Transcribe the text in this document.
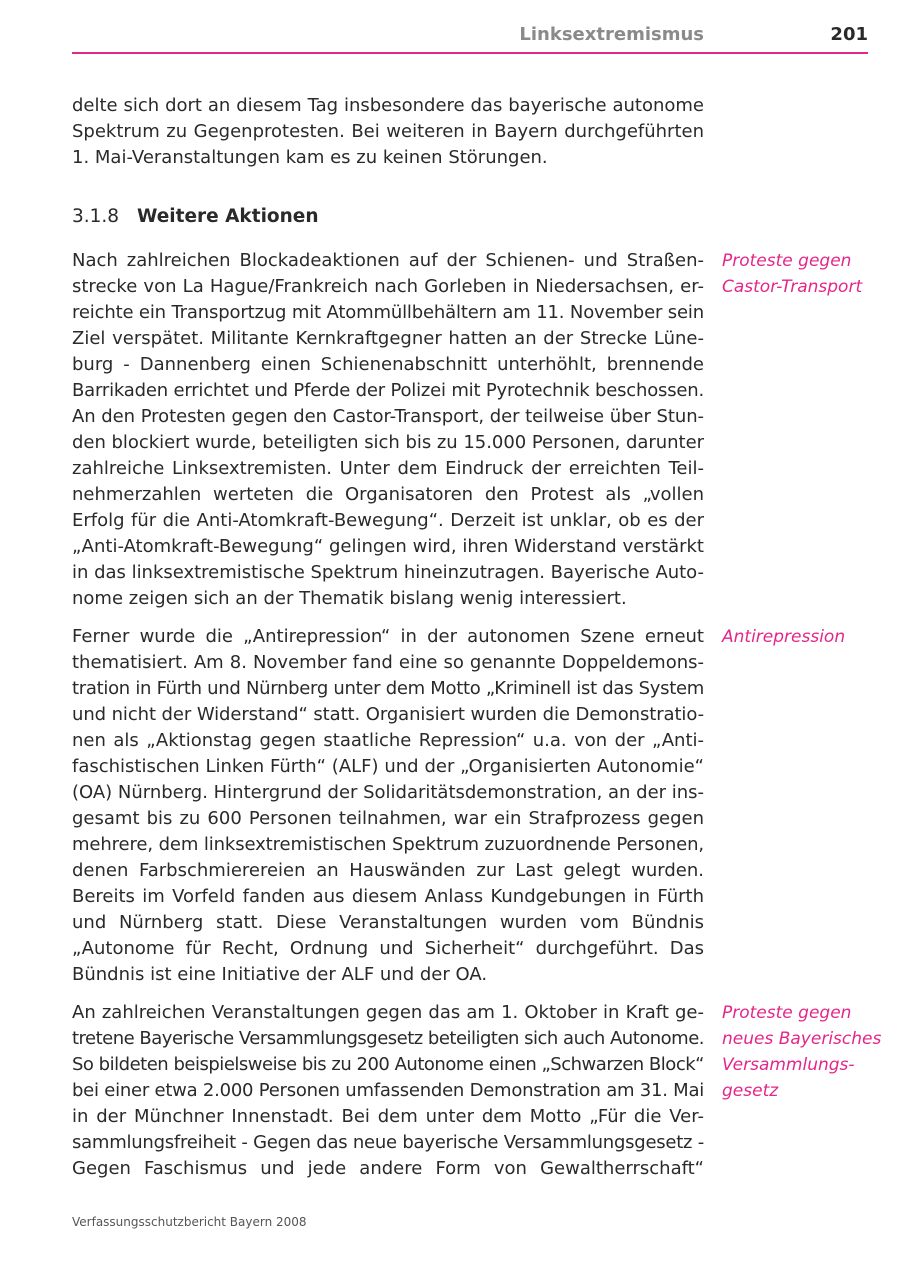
Linksextremismus	201
delte sich dort an diesem Tag insbesondere das bayerische autonome
Spektrum zu Gegenprotesten. Bei weiteren in Bayern durchgeführten
1. Mai-Veranstaltungen kam es zu keinen Störungen.
3.1.8 Weitere Aktionen
Nach zahlreichen Blockadeaktionen auf der Schienen- und Straßen-
strecke von La Hague/Frankreich nach Gorleben in Niedersachsen, er-
reichte ein Transportzug mit Atommüllbehältern am 11. November sein
Ziel verspätet. Militante Kernkraftgegner hatten an der Strecke Lüne-
burg - Dannenberg einen Schienenabschnitt unterhöhlt, brennende
Barrikaden errichtet und Pferde der Polizei mit Pyrotechnik beschossen.
An den Protesten gegen den Castor-Transport, der teilweise über Stun-
den blockiert wurde, beteiligten sich bis zu 15.000 Personen, darunter
zahlreiche Linksextremisten. Unter dem Eindruck der erreichten Teil-
nehmerzahlen werteten die Organisatoren den Protest als „vollen
Erfolg für die Anti-Atomkraft-Bewegung“. Derzeit ist unklar, ob es der
„Anti-Atomkraft-Bewegung“ gelingen wird, ihren Widerstand verstärkt
in das linksextremistische Spektrum hineinzutragen. Bayerische Auto-
nome zeigen sich an der Thematik bislang wenig interessiert.
Proteste gegen
Castor-Transport
Ferner wurde die „Antirepression“ in der autonomen Szene erneut
thematisiert. Am 8. November fand eine so genannte Doppeldemons-
tration in Fürth und Nürnberg unter dem Motto „Kriminell ist das System
und nicht der Widerstand“ statt. Organisiert wurden die Demonstratio-
nen als „Aktionstag gegen staatliche Repression“ u.a. von der „Anti-
faschistischen Linken Fürth“ (ALF) und der „Organisierten Autonomie“
(OA) Nürnberg. Hintergrund der Solidaritätsdemonstration, an der ins-
gesamt bis zu 600 Personen teilnahmen, war ein Strafprozess gegen
mehrere, dem linksextremistischen Spektrum zuzuordnende Personen,
denen Farbschmierereien an Hauswänden zur Last gelegt wurden.
Bereits im Vorfeld fanden aus diesem Anlass Kundgebungen in Fürth
und Nürnberg statt. Diese Veranstaltungen wurden vom Bündnis
„Autonome für Recht, Ordnung und Sicherheit“ durchgeführt. Das
Bündnis ist eine Initiative der ALF und der OA.
Antirepression
An zahlreichen Veranstaltungen gegen das am 1. Oktober in Kraft ge-
tretene Bayerische Versammlungsgesetz beteiligten sich auch Autonome.
So bildeten beispielsweise bis zu 200 Autonome einen „Schwarzen Block“
bei einer etwa 2.000 Personen umfassenden Demonstration am 31. Mai
in der Münchner Innenstadt. Bei dem unter dem Motto „Für die Ver-
sammlungsfreiheit - Gegen das neue bayerische Versammlungsgesetz -
Gegen Faschismus und jede andere Form von Gewaltherrschaft“
Proteste gegen
neues Bayerisches
Versammlungs-
gesetz
Verfassungsschutzbericht Bayern 2008
